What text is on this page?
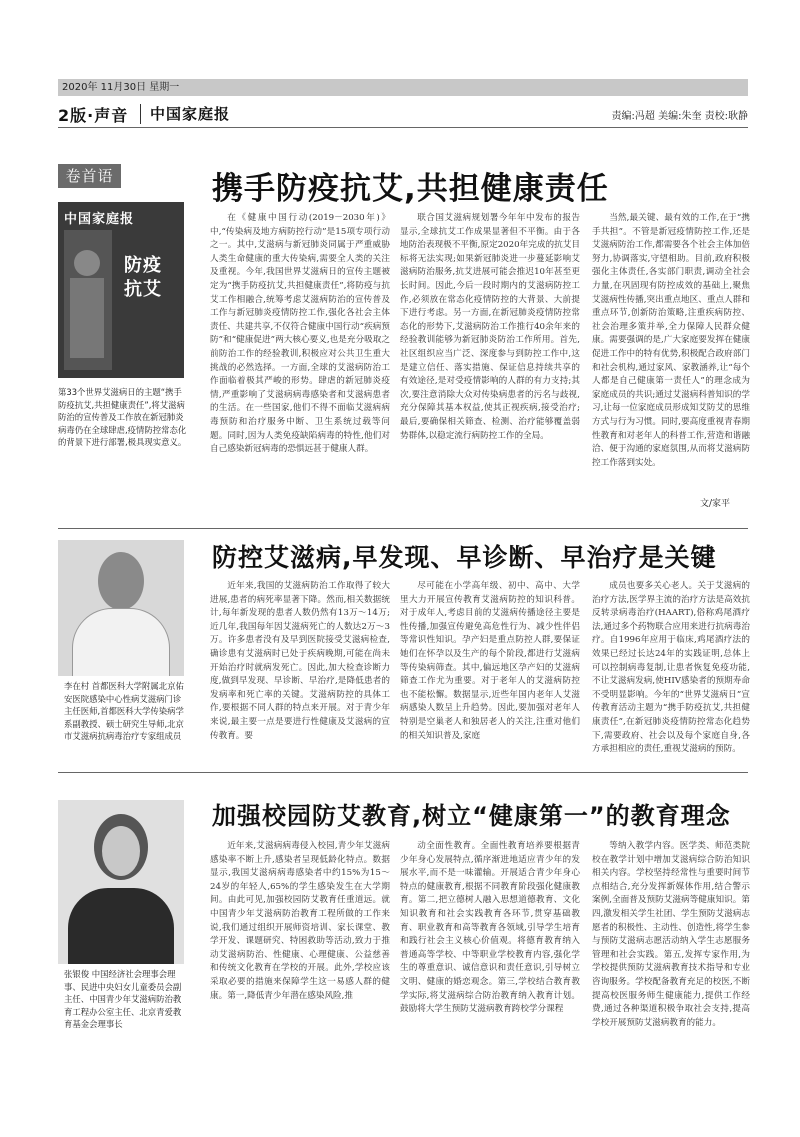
2020年 11月30日 星期一
2版·声音 中国家庭报	责编:冯超 美编:朱奎 责校:耿静
卷首语	携手防疫抗艾,共担健康责任
中国家庭报
防疫抗艾
第33个世界艾滋病日的主题“携手防疫抗艾,共担健康责任”,将艾滋病防治的宣传普及工作放在新冠肺炎病毒仍在全球肆虐,疫情防控常态化的背景下进行部署,极具现实意义。
在《健康中国行动(2019－2030年)》中,“传染病及地方病防控行动”是15项专项行动之一。其中,艾滋病与新冠肺炎同属于严重威胁人类生命健康的重大传染病,需要全人类的关注及重视。今年,我国世界艾滋病日的宣传主题被定为“携手防疫抗艾,共担健康责任”,将防疫与抗艾工作相融合,统筹考虑艾滋病防治的宣传普及工作与新冠肺炎疫情防控工作,强化各社会主体责任、共建共享,不仅符合健康中国行动“疾病预防”和“健康促进”两大核心要义,也是充分吸取之前防治工作的经验教训,积极应对公共卫生重大挑战的必然选择。一方面,全球的艾滋病防治工作面临着极其严峻的形势。肆虐的新冠肺炎疫情,严重影响了艾滋病病毒感染者和艾滋病患者的生活。在一些国家,他们不得不面临艾滋病病毒预防和治疗服务中断、卫生系统过载等问题。同时,因为人类免疫缺陷病毒的特性,他们对自己感染新冠病毒的恐惧远甚于健康人群。
联合国艾滋病规划署今年年中发布的报告显示,全球抗艾工作成果显著但不平衡。由于各地防治表现极不平衡,原定2020年完成的抗艾目标将无法实现;如果新冠肺炎进一步蔓延影响艾滋病防治服务,抗艾进展可能会推迟10年甚至更长时间。因此,今后一段时期内的艾滋病防控工作,必须放在常态化疫情防控的大背景、大前提下进行考虑。另一方面,在新冠肺炎疫情防控常态化的形势下,艾滋病防治工作推行40余年来的经验教训能够为新冠肺炎防治工作所用。首先,社区组织应当广泛、深度参与到防控工作中,这是建立信任、落实措施、保证信息持续共享的有效途径,是对受疫情影响的人群的有力支持;其次,要注意消除大众对传染病患者的污名与歧视,充分保障其基本权益,使其正视疾病,接受治疗;最后,要确保相关筛查、检测、治疗能够覆盖弱势群体,以稳定流行病防控工作的全局。
当然,最关键、最有效的工作,在于“携手共担”。不管是新冠疫情防控工作,还是艾滋病防治工作,都需要各个社会主体加倍努力,协调落实,守望相助。目前,政府积极强化主体责任,各实部门职责,调动全社会力量,在巩固现有防控成效的基础上,聚焦艾滋病性传播,突出重点地区、重点人群和重点环节,创新防治策略,注重疾病防控、社会治理多策并举,全力保障人民群众健康。需要强调的是,广大家庭要发挥在健康促进工作中的特有优势,积极配合政府部门和社会机构,通过家风、家教涵养,让“每个人都是自己健康第一责任人”的理念成为家庭成员的共识;通过艾滋病科普知识的学习,让每一位家庭成员形成知艾防艾的思维方式与行为习惯。同时,要高度重视青春期性教育和对老年人的科普工作,营造和谐融洽、便于沟通的家庭氛围,从而将艾滋病防控工作落到实处。
文/家平
李在村 首都医科大学附属北京佑安医院感染中心性病艾滋病门诊主任医师,首都医科大学传染病学系副教授、硕士研究生导师,北京市艾滋病抗病毒治疗专家组成员
防控艾滋病,早发现、早诊断、早治疗是关键
近年来,我国的艾滋病防治工作取得了较大进展,患者的病死率显著下降。然而,相关数据统计,每年新发现的患者人数仍然有13万～14万;近几年,我国每年因艾滋病死亡的人数达2万～3万。许多患者没有及早到医院接受艾滋病检查,确诊患有艾滋病时已处于疾病晚期,可能在尚未开始治疗时就病发死亡。因此,加大检查诊断力度,做到早发现、早诊断、早治疗,是降低患者的发病率和死亡率的关键。艾滋病防控的具体工作,要根据不同人群的特点来开展。对于青少年来说,最主要一点是要进行性健康及艾滋病的宣传教育。要
尽可能在小学高年级、初中、高中、大学里大力开展宣传教育艾滋病防控的知识科普。对于成年人,考虑目前的艾滋病传播途径主要是性传播,加强宣传避免高危性行为、减少性伴侣等常识性知识。孕产妇是重点防控人群,要保证她们在怀孕以及生产的每个阶段,都进行艾滋病等传染病筛查。其中,偏远地区孕产妇的艾滋病筛查工作尤为重要。对于老年人的艾滋病防控也不能松懈。数据显示,近些年国内老年人艾滋病感染人数呈上升趋势。因此,要加强对老年人特别是空巢老人和独居老人的关注,注重对他们的相关知识普及,家庭
成员也要多关心老人。关于艾滋病的治疗方法,医学界主流的治疗方法是高效抗反转录病毒治疗(HAART),俗称鸡尾酒疗法,通过多个药物联合应用来进行抗病毒治疗。自1996年应用于临床,鸡尾酒疗法的效果已经过长达24年的实践证明,总体上可以控制病毒复制,让患者恢复免疫功能,不让艾滋病发病,使HIV感染者的预期寿命不受明显影响。今年的“世界艾滋病日”宣传教育活动主题为“携手防疫抗艾,共担健康责任”,在新冠肺炎疫情防控常态化趋势下,需要政府、社会以及每个家庭自身,各方承担相应的责任,重视艾滋病的预防。
张银俊 中国经济社会理事会理事、民进中央妇女儿童委员会副主任、中国青少年艾滋病防治教育工程办公室主任、北京青爱教育基金会理事长
加强校园防艾教育,树立“健康第一”的教育理念
近年来,艾滋病病毒侵入校园,青少年艾滋病感染率不断上升,感染者呈现低龄化特点。数据显示,我国艾滋病病毒感染者中约15%为15～24岁的年轻人,65%的学生感染发生在大学期间。由此可见,加强校园防艾教育任重道远。就中国青少年艾滋病防治教育工程所做的工作来说,我们通过组织开展师资培训、家长课堂、教学开发、课题研究、特困救助等活动,致力于推动艾滋病防治、性健康、心理健康、公益慈善和传统文化教育在学校的开展。此外,学校应该采取必要的措施来保障学生这一易感人群的健康。第一,降低青少年潜在感染风险,推
动全面性教育。全面性教育培养要根据青少年身心发展特点,循序渐进地适应青少年的发展水平,而不是一味灌输。开展适合青少年身心特点的健康教育,根据不同教育阶段强化健康教育。第二,把立德树人融入思想道德教育、文化知识教育和社会实践教育各环节,贯穿基础教育、职业教育和高等教育各领域,引导学生培育和践行社会主义核心价值观。将德育教育纳入普通高等学校、中等职业学校教育内容,强化学生的尊重意识、诚信意识和责任意识,引导树立文明、健康的婚恋观念。第三,学校结合教育教学实际,将艾滋病综合防治教育纳入教育计划。鼓励将大学生预防艾滋病教育跨校学分课程
等纳入教学内容。医学类、师范类院校在教学计划中增加艾滋病综合防治知识相关内容。学校坚持经常性与重要时间节点相结合,充分发挥新媒体作用,结合警示案例,全面普及预防艾滋病等健康知识。第四,激发相关学生社团、学生预防艾滋病志愿者的积极性、主动性、创造性,将学生参与预防艾滋病志愿活动纳入学生志愿服务管理和社会实践。第五,发挥专家作用,为学校提供预防艾滋病教育技术指导和专业咨询服务。学校配备教育充足的校医,不断提高校医服务师生健康能力,提供工作经费,通过各种渠道积极争取社会支持,提高学校开展预防艾滋病教育的能力。
